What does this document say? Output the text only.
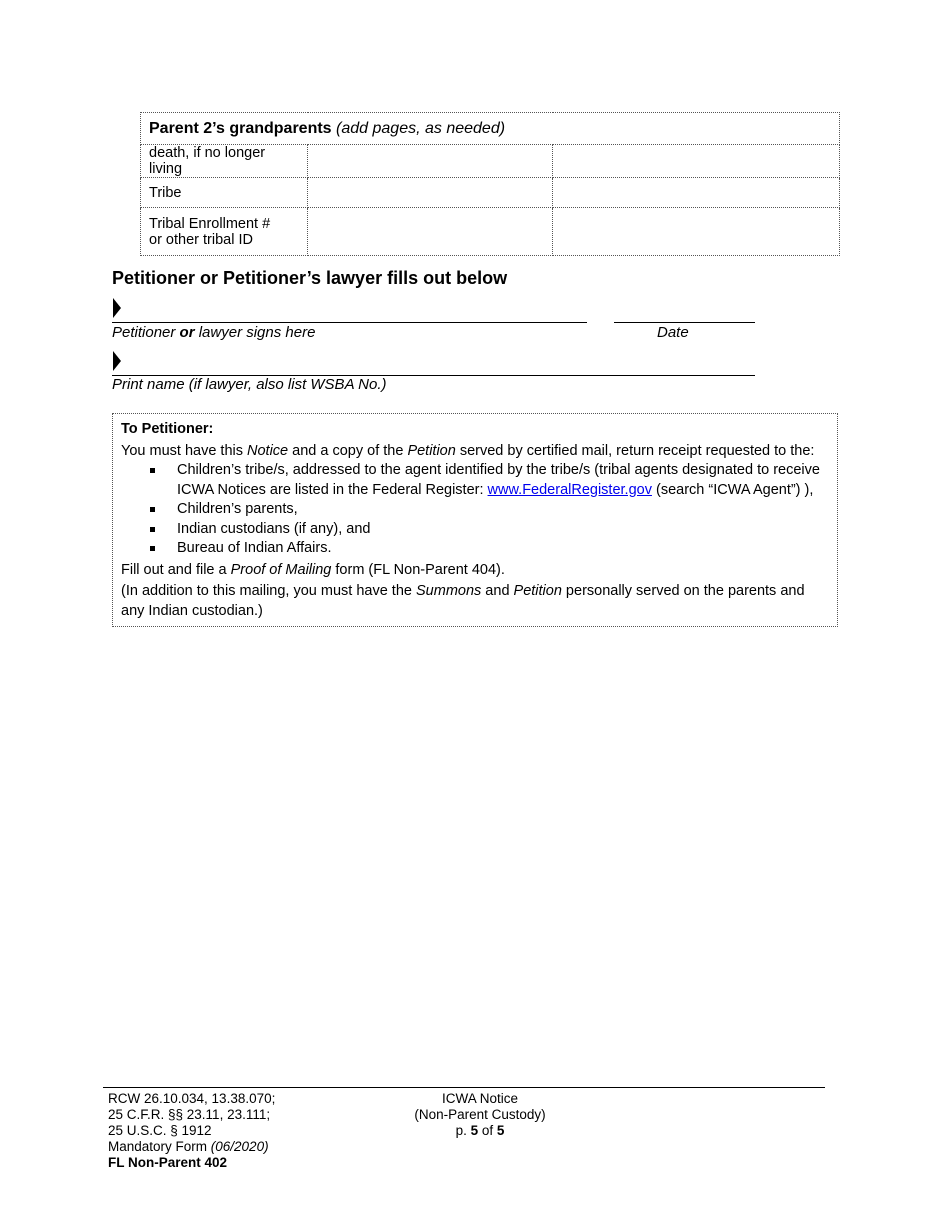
Parent 2’s grandparents (add pages, as needed)		
death, if no longer living		
Tribe		

Tribal Enrollment #
or other tribal ID		

Petitioner or Petitioner’s lawyer fills out below
Petitioner or lawyer signs here	Date
Print name (if lawyer, also list WSBA No.)
To Petitioner:

You must have this Notice and a copy of the Petition served by certified mail, return receipt requested to the:

Children’s tribe/s, addressed to the agent identified by the tribe/s (tribal agents designated to receive ICWA Notices are listed in the Federal Register: www.FederalRegister.gov (search “ICWA Agent”) ),
Children’s parents,
Indian custodians (if any), and
Bureau of Indian Affairs.

Fill out and file a Proof of Mailing form (FL Non-Parent 404).

(In addition to this mailing, you must have the Summons and Petition personally served on the parents and any Indian custodian.)

RCW 26.10.034, 13.38.070;
25 C.F.R. §§ 23.11, 23.111;
25 U.S.C. § 1912
Mandatory Form (06/2020)
FL Non-Parent 402
ICWA Notice
(Non-Parent Custody)
p. 5 of 5
